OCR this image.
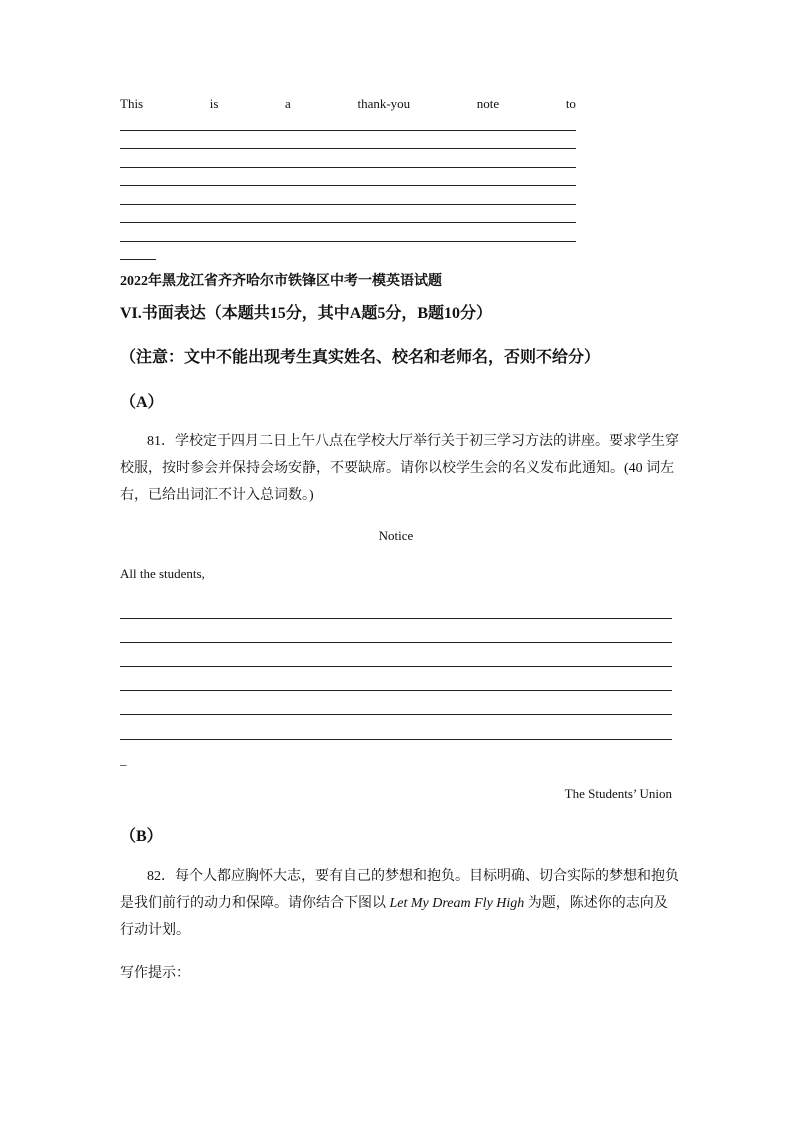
This	is	a	thank-you	note	to
2022年黑龙江省齐齐哈尔市铁锋区中考一模英语试题
VI.书面表达（本题共15分，其中A题5分，B题10分）
（注意：文中不能出现考生真实姓名、校名和老师名，否则不给分）
（A）
81．学校定于四月二日上午八点在学校大厅举行关于初三学习方法的讲座。要求学生穿
校服，按时参会并保持会场安静，不要缺席。请你以校学生会的名义发布此通知。(40 词左
右，已给出词汇不计入总词数。)
Notice
All the students,
_
The Students’ Union
（B）
82．每个人都应胸怀大志，要有自己的梦想和抱负。目标明确、切合实际的梦想和抱负
是我们前行的动力和保障。请你结合下图以 Let My Dream Fly High 为题，陈述你的志向及
行动计划。
写作提示：
